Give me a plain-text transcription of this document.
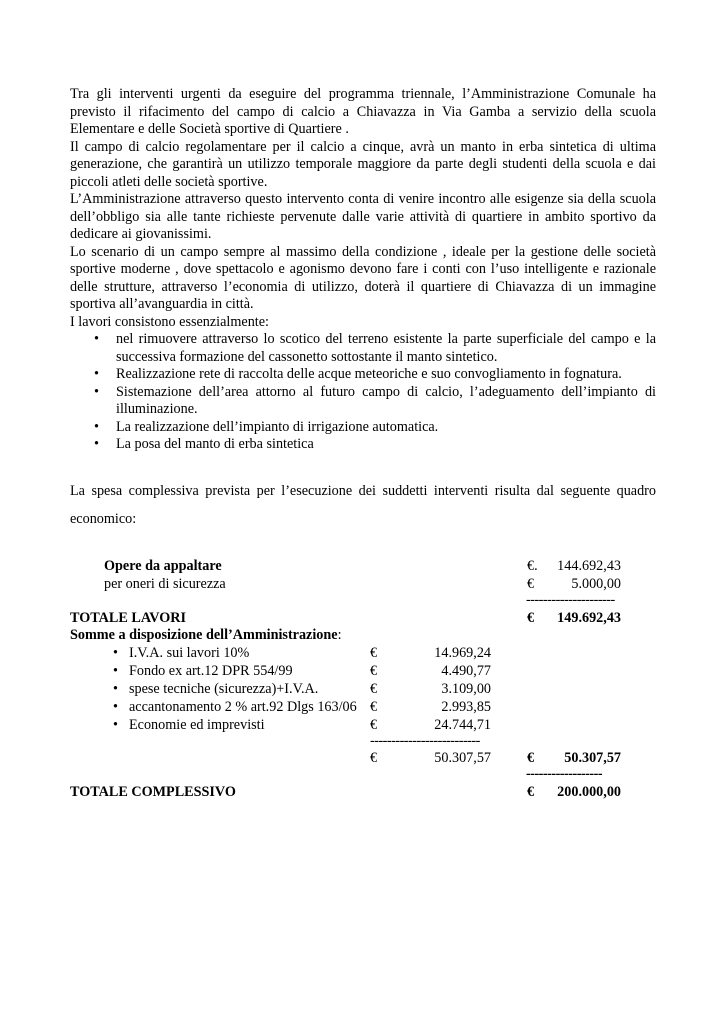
Tra gli interventi urgenti da eseguire del programma triennale, l’Amministrazione Comunale ha previsto il rifacimento del campo di calcio a Chiavazza in Via Gamba a servizio della scuola Elementare e delle Società sportive di Quartiere .

Il campo di calcio regolamentare per il calcio a cinque, avrà un manto in erba sintetica di ultima generazione, che garantirà un utilizzo temporale maggiore da parte degli studenti della scuola e dai piccoli atleti delle società sportive.

L’Amministrazione attraverso questo intervento conta di venire incontro alle esigenze sia della scuola dell’obbligo sia alle tante richieste pervenute dalle varie attività di quartiere in ambito sportivo da dedicare ai giovanissimi.

Lo scenario di un campo sempre al massimo della condizione , ideale per la gestione delle società sportive moderne , dove spettacolo e agonismo devono fare i conti con l’uso intelligente e razionale delle strutture, attraverso l’economia di utilizzo, doterà il quartiere di Chiavazza di un immagine sportiva all’avanguardia in città.

I lavori consistono essenzialmente:

• nel rimuovere attraverso lo scotico del terreno esistente la parte superficiale del campo e la successiva formazione del cassonetto sottostante il manto sintetico.
• Realizzazione rete di raccolta delle acque meteoriche e suo convogliamento in fognatura.
• Sistemazione dell’area attorno al futuro campo di calcio, l’adeguamento dell’impianto di illuminazione.
• La realizzazione dell’impianto di irrigazione automatica.
• La posa del manto di erba sintetica

La spesa complessiva prevista per l’esecuzione dei suddetti interventi risulta dal seguente quadro economico:

Opere da appaltare	€.	144.692,43
per oneri di sicurezza	€	5.000,00
---------------------
TOTALE LAVORI	€	149.692,43
Somme a disposizione dell’Amministrazione:
• I.V.A. sui lavori 10%	€	14.969,24
• Fondo ex art.12 DPR 554/99	€	4.490,77
• spese tecniche (sicurezza)+I.V.A.	€	3.109,00
• accantonamento 2 % art.92 Dlgs 163/06 €	2.993,85
• Economie ed imprevisti	€	24.744,71
--------------------------
€	50.307,57	€	50.307,57
------------------
TOTALE COMPLESSIVO	€	200.000,00
